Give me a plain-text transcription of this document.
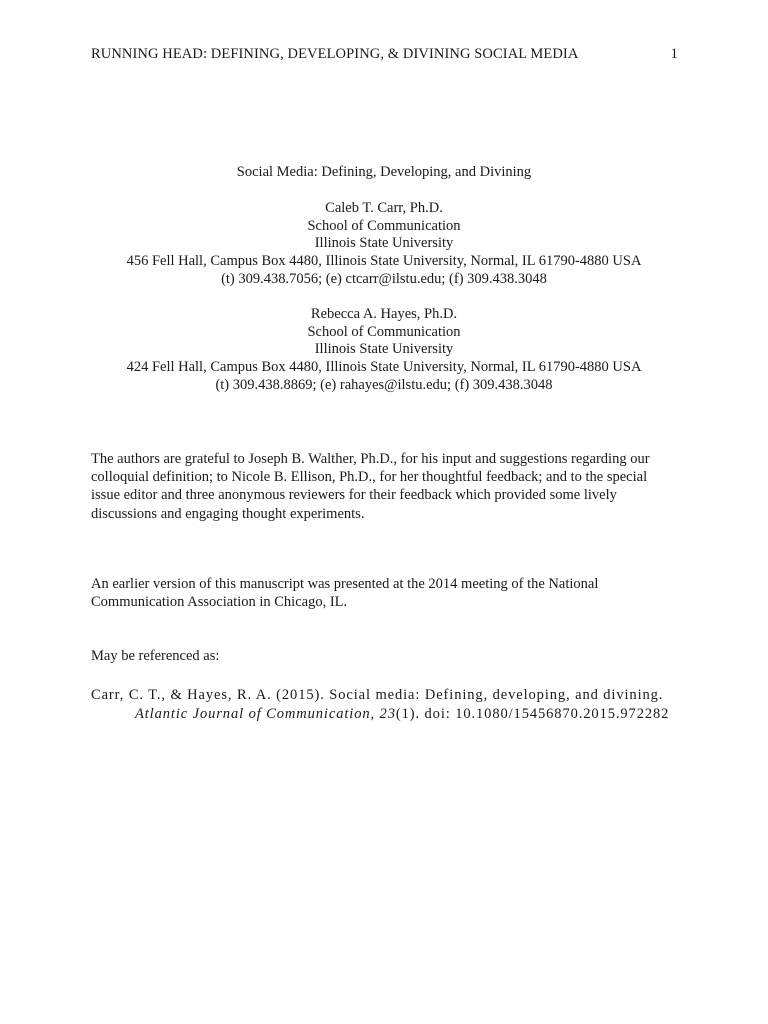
RUNNING HEAD: DEFINING, DEVELOPING, & DIVINING SOCIAL MEDIA	1
Social Media: Defining, Developing, and Divining
Caleb T. Carr, Ph.D.
School of Communication
Illinois State University
456 Fell Hall, Campus Box 4480, Illinois State University, Normal, IL 61790-4880 USA
(t) 309.438.7056; (e) ctcarr@ilstu.edu; (f) 309.438.3048
Rebecca A. Hayes, Ph.D.
School of Communication
Illinois State University
424 Fell Hall, Campus Box 4480, Illinois State University, Normal, IL 61790-4880 USA
(t) 309.438.8869; (e) rahayes@ilstu.edu; (f) 309.438.3048
The authors are grateful to Joseph B. Walther, Ph.D., for his input and suggestions regarding our
colloquial definition; to Nicole B. Ellison, Ph.D., for her thoughtful feedback; and to the special
issue editor and three anonymous reviewers for their feedback which provided some lively
discussions and engaging thought experiments.
An earlier version of this manuscript was presented at the 2014 meeting of the National
Communication Association in Chicago, IL.
May be referenced as:
Carr, C. T., & Hayes, R. A. (2015). Social media: Defining, developing, and divining.
Atlantic Journal of Communication, 23(1). doi: 10.1080/15456870.2015.972282
